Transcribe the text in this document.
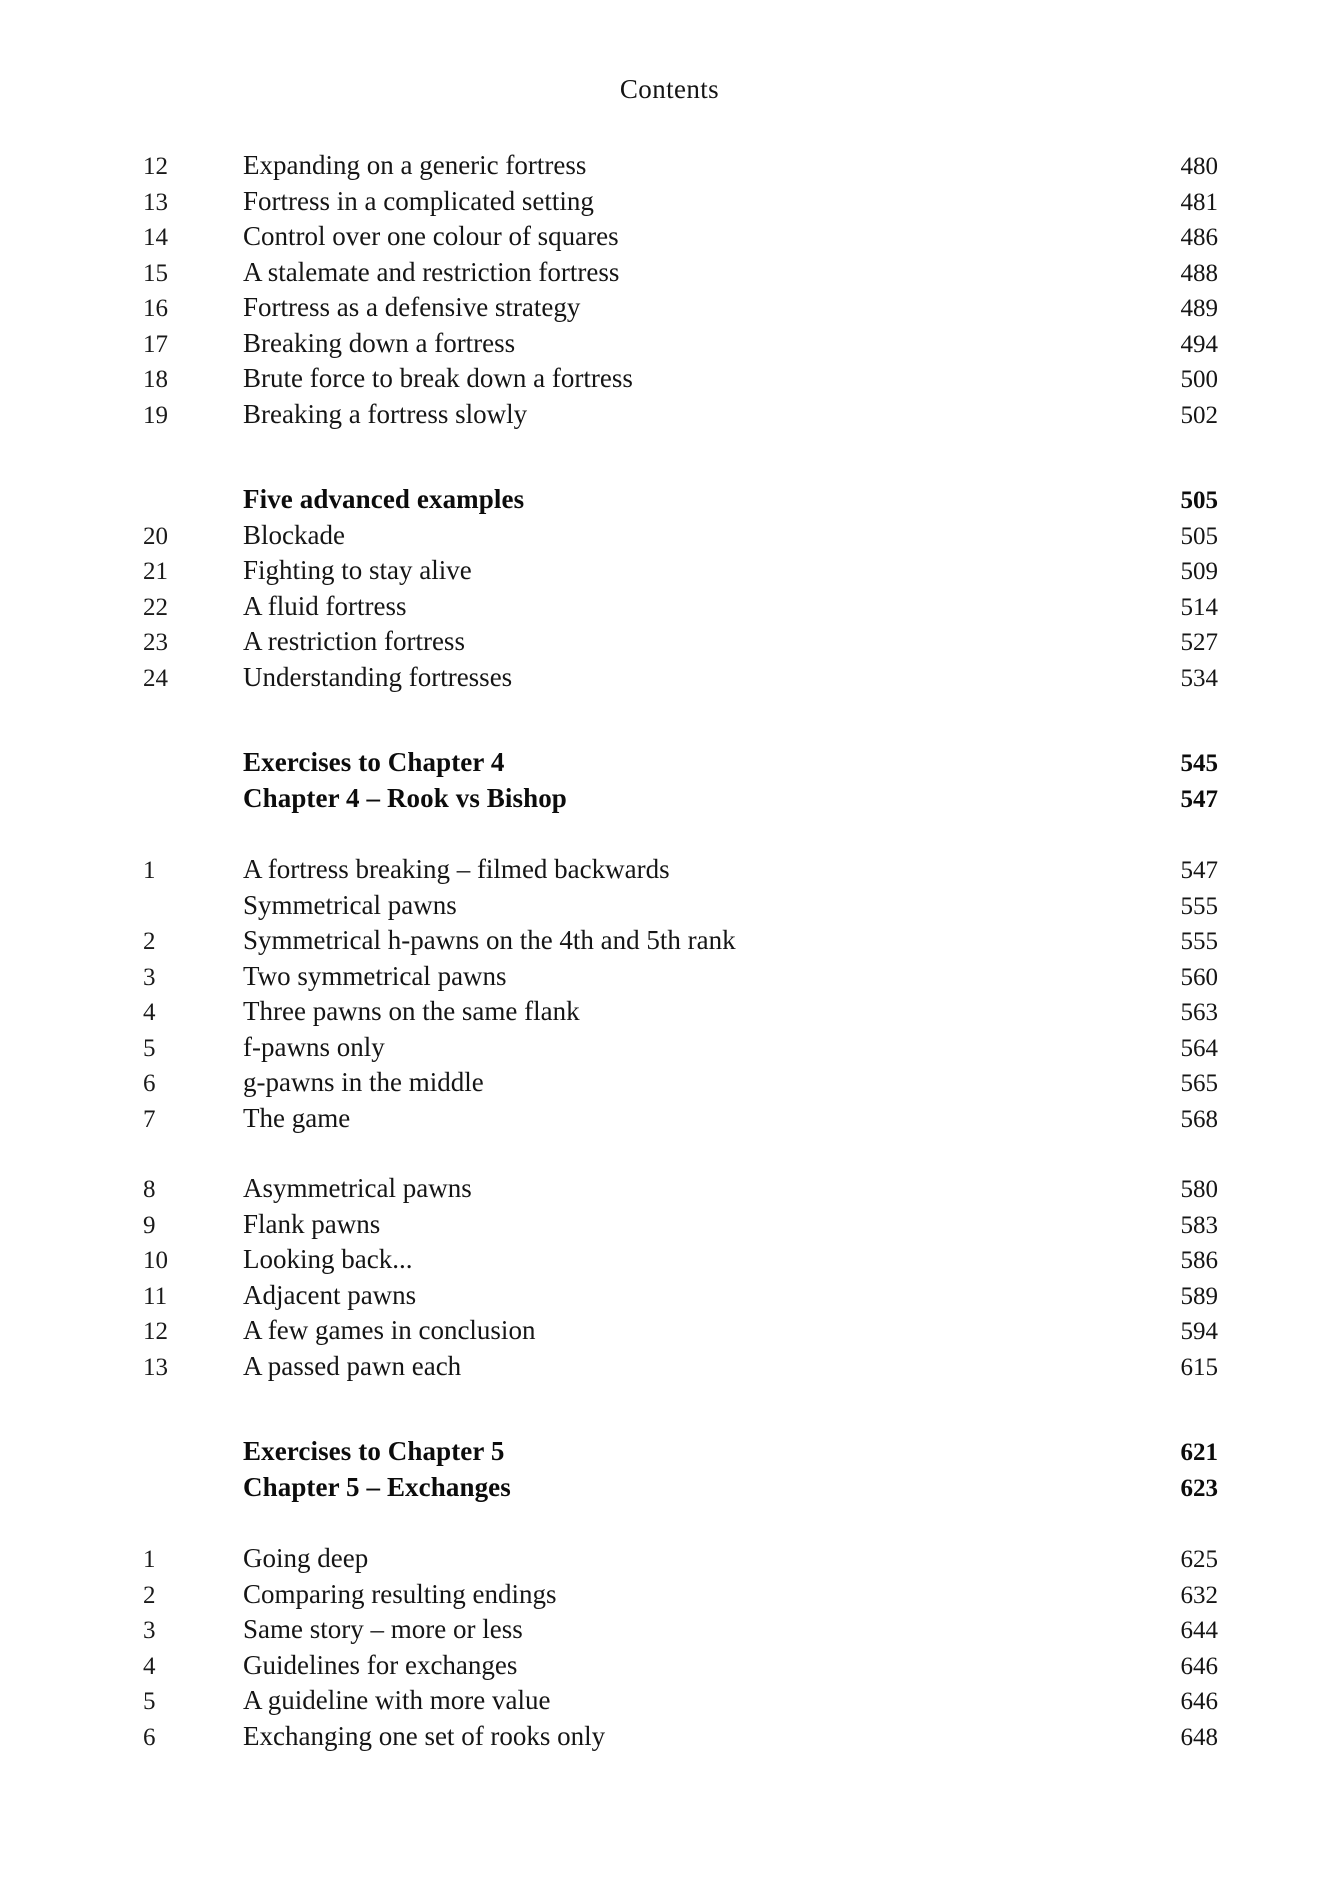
Contents
12	Expanding on a generic fortress	480
13	Fortress in a complicated setting	481
14	Control over one colour of squares	486
15	A stalemate and restriction fortress	488
16	Fortress as a defensive strategy	489
17	Breaking down a fortress	494
18	Brute force to break down a fortress	500
19	Breaking a fortress slowly	502
Five advanced examples	505
20	Blockade	505
21	Fighting to stay alive	509
22	A fluid fortress	514
23	A restriction fortress	527
24	Understanding fortresses	534
Exercises to Chapter 4	545
Chapter 4 – Rook vs Bishop	547
1	A fortress breaking – filmed backwards	547
Symmetrical pawns	555
2	Symmetrical h-pawns on the 4th and 5th rank	555
3	Two symmetrical pawns	560
4	Three pawns on the same flank	563
5	f-pawns only	564
6	g-pawns in the middle	565
7	The game	568
8	Asymmetrical pawns	580
9	Flank pawns	583
10	Looking back...	586
11	Adjacent pawns	589
12	A few games in conclusion	594
13	A passed pawn each	615
Exercises to Chapter 5	621
Chapter 5 – Exchanges	623
1	Going deep	625
2	Comparing resulting endings	632
3	Same story – more or less	644
4	Guidelines for exchanges	646
5	A guideline with more value	646
6	Exchanging one set of rooks only	648
